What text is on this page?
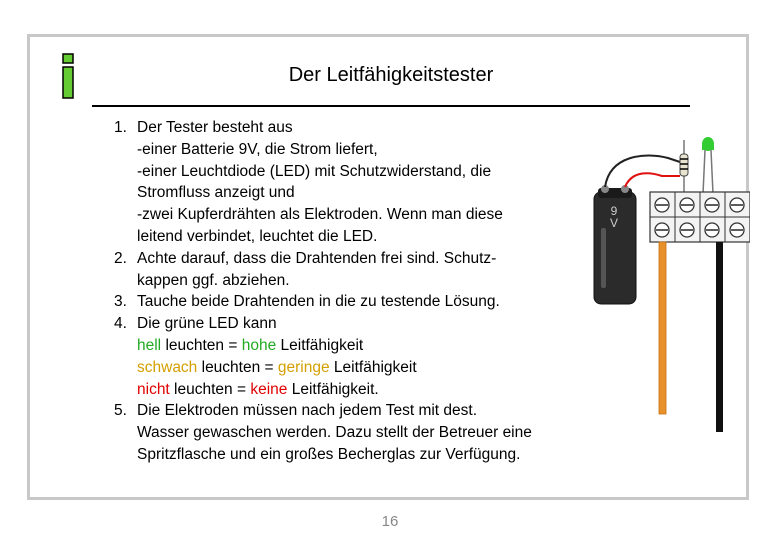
Der Leitfähigkeitstester
1. Der Tester besteht aus
-einer Batterie 9V, die Strom liefert,
-einer Leuchtdiode (LED) mit Schutzwiderstand, die
Stromfluss anzeigt und
-zwei Kupferdrähten als Elektroden. Wenn man diese
leitend verbindet, leuchtet die LED.
2. Achte darauf, dass die Drahtenden frei sind. Schutz-
kappen ggf. abziehen.
3. Tauche beide Drahtenden in die zu testende Lösung.
4. Die grüne LED kann
hell leuchten = hohe Leitfähigkeit
schwach leuchten = geringe Leitfähigkeit
nicht leuchten = keine Leitfähigkeit.
5. Die Elektroden müssen nach jedem Test mit dest.
Wasser gewaschen werden. Dazu stellt der Betreuer eine
Spritzflasche und ein großes Becherglas zur Verfügung.
9
V
16
